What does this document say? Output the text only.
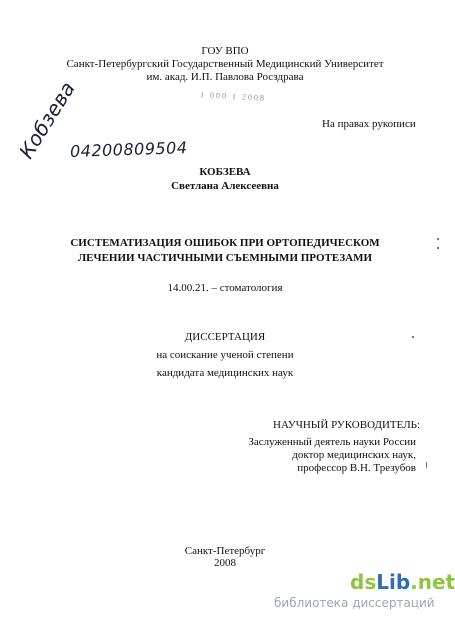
ГОУ ВПО
Санкт-Петербургский Государственный Медицинский Университет
им. акад. И.П. Павлова Росздрава
1 000 1 2008
На правах рукописи
Кобзева
04200809504
КОБЗЕВА
Светлана Алексеевна
СИСТЕМАТИЗАЦИЯ ОШИБОК ПРИ ОРТОПЕДИЧЕСКОМ
ЛЕЧЕНИИ ЧАСТИЧНЫМИ СЪЕМНЫМИ ПРОТЕЗАМИ
14.00.21. – стоматология
ДИССЕРТАЦИЯ
на соискание ученой степени
кандидата медицинских наук
НАУЧНЫЙ РУКОВОДИТЕЛЬ:
Заслуженный деятель науки России
доктор медицинских наук,
профессор В.Н. Трезубов
Санкт-Петербург
2008
dsLib.net
библиотека диссертаций
